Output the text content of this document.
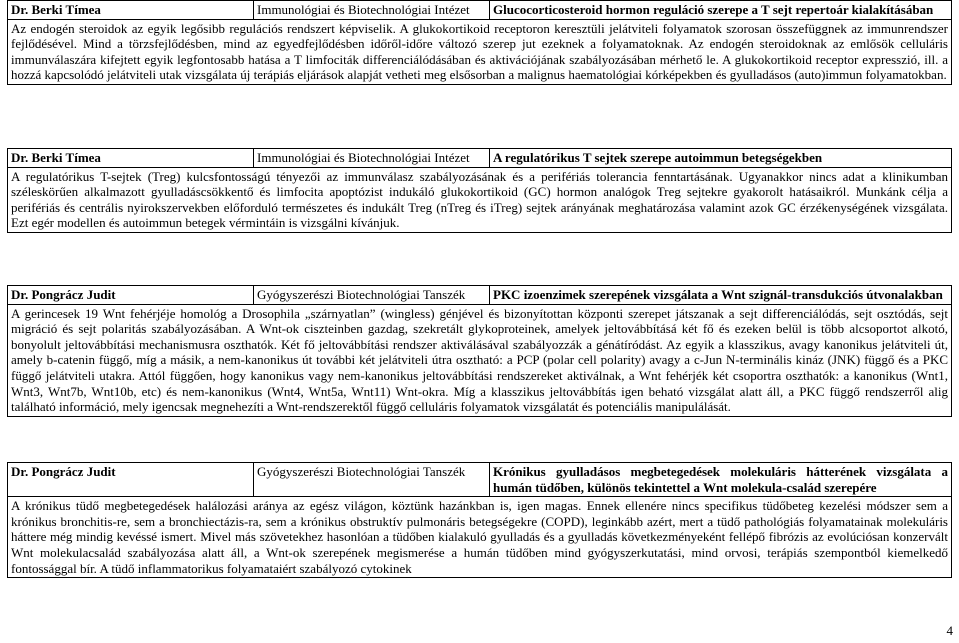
Dr. Berki Tímea	Immunológiai és Biotechnológiai Intézet	Glucocorticosteroid hormon reguláció szerepe a T sejt repertoár kialakításában
Az endogén steroidok az egyik legősibb regulációs rendszert képviselik. A glukokortikoid receptoron keresztüli jelátviteli folyamatok szorosan összefüggnek az immunrendszer fejlődésével. Mind a törzsfejlődésben, mind az egyedfejlődésben időről-időre változó szerep jut ezeknek a folyamatoknak. Az endogén steroidoknak az emlősök celluláris immunválaszára kifejtett egyik legfontosabb hatása a T limfociták differenciálódásában és aktivációjának szabályozásában mérhető le. A glukokortikoid receptor expresszió, ill. a hozzá kapcsolódó jelátviteli utak vizsgálata új terápiás eljárások alapját vetheti meg elsősorban a malignus haematológiai kórképekben és gyulladásos (auto)immun folyamatokban.
Dr. Berki Tímea	Immunológiai és Biotechnológiai Intézet	A regulatórikus T sejtek szerepe autoimmun betegségekben
A regulatórikus T-sejtek (Treg) kulcsfontosságú tényezői az immunválasz szabályozásának és a perifériás tolerancia fenntartásának. Ugyanakkor nincs adat a klinikumban széleskörűen alkalmazott gyulladáscsökkentő és limfocita apoptózist indukáló glukokortikoid (GC) hormon analógok Treg sejtekre gyakorolt hatásaikról. Munkánk célja a perifériás és centrális nyirokszervekben előforduló természetes és indukált Treg (nTreg és iTreg) sejtek arányának meghatározása valamint azok GC érzékenységének vizsgálata. Ezt egér modellen és autoimmun betegek vérmintáin is vizsgálni kívánjuk.
Dr. Pongrácz Judit	Gyógyszerészi Biotechnológiai Tanszék	PKC izoenzimek szerepének vizsgálata a Wnt szignál-transdukciós útvonalakban
A gerincesek 19 Wnt fehérjéje homológ a Drosophila „szárnyatlan” (wingless) génjével és bizonyítottan központi szerepet játszanak a sejt differenciálódás, sejt osztódás, sejt migráció és sejt polaritás szabályozásában. A Wnt-ok ciszteinben gazdag, szekretált glykoproteinek, amelyek jeltovábbításá két fő és ezeken belül is több alcsoportot alkotó, bonyolult jeltovábbítási mechanismusra oszthatók. Két fő jeltovábbítási rendszer aktiválásával szabályozzák a génátíródást. Az egyik a klasszikus, avagy kanonikus jelátviteli út, amely b-catenin függő, míg a másik, a nem-kanonikus út további két jelátviteli útra osztható: a PCP (polar cell polarity) avagy a c-Jun N-terminális kináz (JNK) függő és a PKC függő jelátviteli utakra. Attól függően, hogy kanonikus vagy nem-kanonikus jeltovábbítási rendszereket aktiválnak, a Wnt fehérjék két csoportra oszthatók: a kanonikus (Wnt1, Wnt3, Wnt7b, Wnt10b, etc) és nem-kanonikus (Wnt4, Wnt5a, Wnt11) Wnt-okra. Míg a klasszikus jeltovábbítás igen beható vizsgálat alatt áll, a PKC függő rendszerről alig található információ, mely igencsak megnehezíti a Wnt-rendszerektől függő celluláris folyamatok vizsgálatát és potenciális manipulálását.
Dr. Pongrácz Judit	Gyógyszerészi Biotechnológiai Tanszék	Krónikus gyulladásos megbetegedések molekuláris hátterének vizsgálata a humán tüdőben, különös tekintettel a Wnt molekula-család szerepére
A krónikus tüdő megbetegedések halálozási aránya az egész világon, köztünk hazánkban is, igen magas. Ennek ellenére nincs specifikus tüdőbeteg kezelési módszer sem a krónikus bronchitis-re, sem a bronchiectázis-ra, sem a krónikus obstruktív pulmonáris betegségekre (COPD), leginkább azért, mert a tüdő pathológiás folyamatainak molekuláris háttere még mindig kevéssé ismert. Mivel más szövetekhez hasonlóan a tüdőben kialakuló gyulladás és a gyulladás következményeként fellépő fibrózis az evolúciósan konzervált Wnt molekulacsalád szabályozása alatt áll, a Wnt-ok szerepének megismerése a humán tüdőben mind gyógyszerkutatási, mind orvosi, terápiás szempontból kiemelkedő fontossággal bír. A tüdő inflammatorikus folyamataiért szabályozó cytokinek
4
